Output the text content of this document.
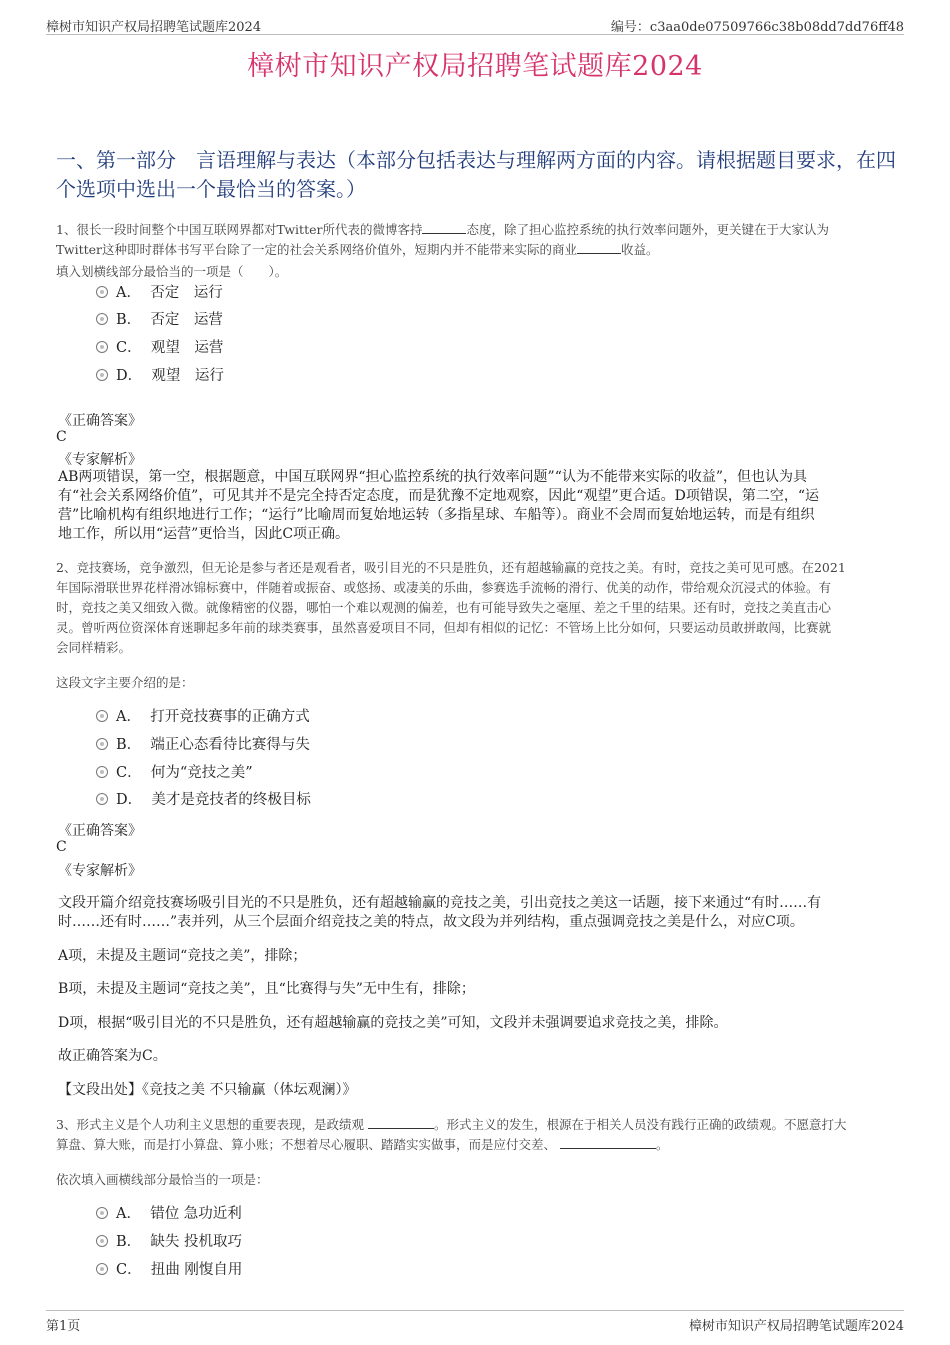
樟树市知识产权局招聘笔试题库2024	编号：c3aa0de07509766c38b08dd7dd76ff48
樟树市知识产权局招聘笔试题库2024
一、第一部分　言语理解与表达（本部分包括表达与理解两方面的内容。请根据题目要求，在四个选项中选出一个最恰当的答案。）
1、很长一段时间整个中国互联网界都对Twitter所代表的微博客持	态度，除了担心监控系统的执行效率问题外，更关键在于大家认为
Twitter这种即时群体书写平台除了一定的社会关系网络价值外，短期内并不能带来实际的商业	收益。
填入划横线部分最恰当的一项是（　　）。
A． 否定　运行
B． 否定　运营
C． 观望　运营
D． 观望　运行
《正确答案》
C
《专家解析》
AB两项错误，第一空，根据题意，中国互联网界“担心监控系统的执行效率问题”“认为不能带来实际的收益”，但也认为具
有“社会关系网络价值”，可见其并不是完全持否定态度，而是犹豫不定地观察，因此“观望”更合适。D项错误，第二空，“运
营”比喻机构有组织地进行工作；“运行”比喻周而复始地运转（多指星球、车船等）。商业不会周而复始地运转，而是有组织
地工作，所以用“运营”更恰当，因此C项正确。
2、竞技赛场，竞争激烈，但无论是参与者还是观看者，吸引目光的不只是胜负，还有超越输赢的竞技之美。有时，竞技之美可见可感。在2021
年国际滑联世界花样滑冰锦标赛中，伴随着或振奋、或悠扬、或凄美的乐曲，参赛选手流畅的滑行、优美的动作，带给观众沉浸式的体验。有
时，竞技之美又细致入微。就像精密的仪器，哪怕一个难以观测的偏差，也有可能导致失之毫厘、差之千里的结果。还有时，竞技之美直击心
灵。曾听两位资深体育迷聊起多年前的球类赛事，虽然喜爱项目不同，但却有相似的记忆：不管场上比分如何，只要运动员敢拼敢闯，比赛就
会同样精彩。
这段文字主要介绍的是：
A． 打开竞技赛事的正确方式
B． 端正心态看待比赛得与失
C． 何为“竞技之美”
D． 美才是竞技者的终极目标
《正确答案》
C
《专家解析》
文段开篇介绍竞技赛场吸引目光的不只是胜负，还有超越输赢的竞技之美，引出竞技之美这一话题，接下来通过“有时……有
时……还有时……”表并列，从三个层面介绍竞技之美的特点，故文段为并列结构，重点强调竞技之美是什么，对应C项。
A项，未提及主题词“竞技之美”，排除；
B项，未提及主题词“竞技之美”，且“比赛得与失”无中生有，排除；
D项，根据“吸引目光的不只是胜负，还有超越输赢的竞技之美”可知，文段并未强调要追求竞技之美，排除。
故正确答案为C。
【文段出处】《竞技之美 不只输赢（体坛观澜）》
3、形式主义是个人功利主义思想的重要表现，是政绩观	。形式主义的发生，根源在于相关人员没有践行正确的政绩观。不愿意打大
算盘、算大账，而是打小算盘、算小账；不想着尽心履职、踏踏实实做事，而是应付交差、	。
依次填入画横线部分最恰当的一项是：
A． 错位 急功近利
B． 缺失 投机取巧
C． 扭曲 刚愎自用
第1页	樟树市知识产权局招聘笔试题库2024
